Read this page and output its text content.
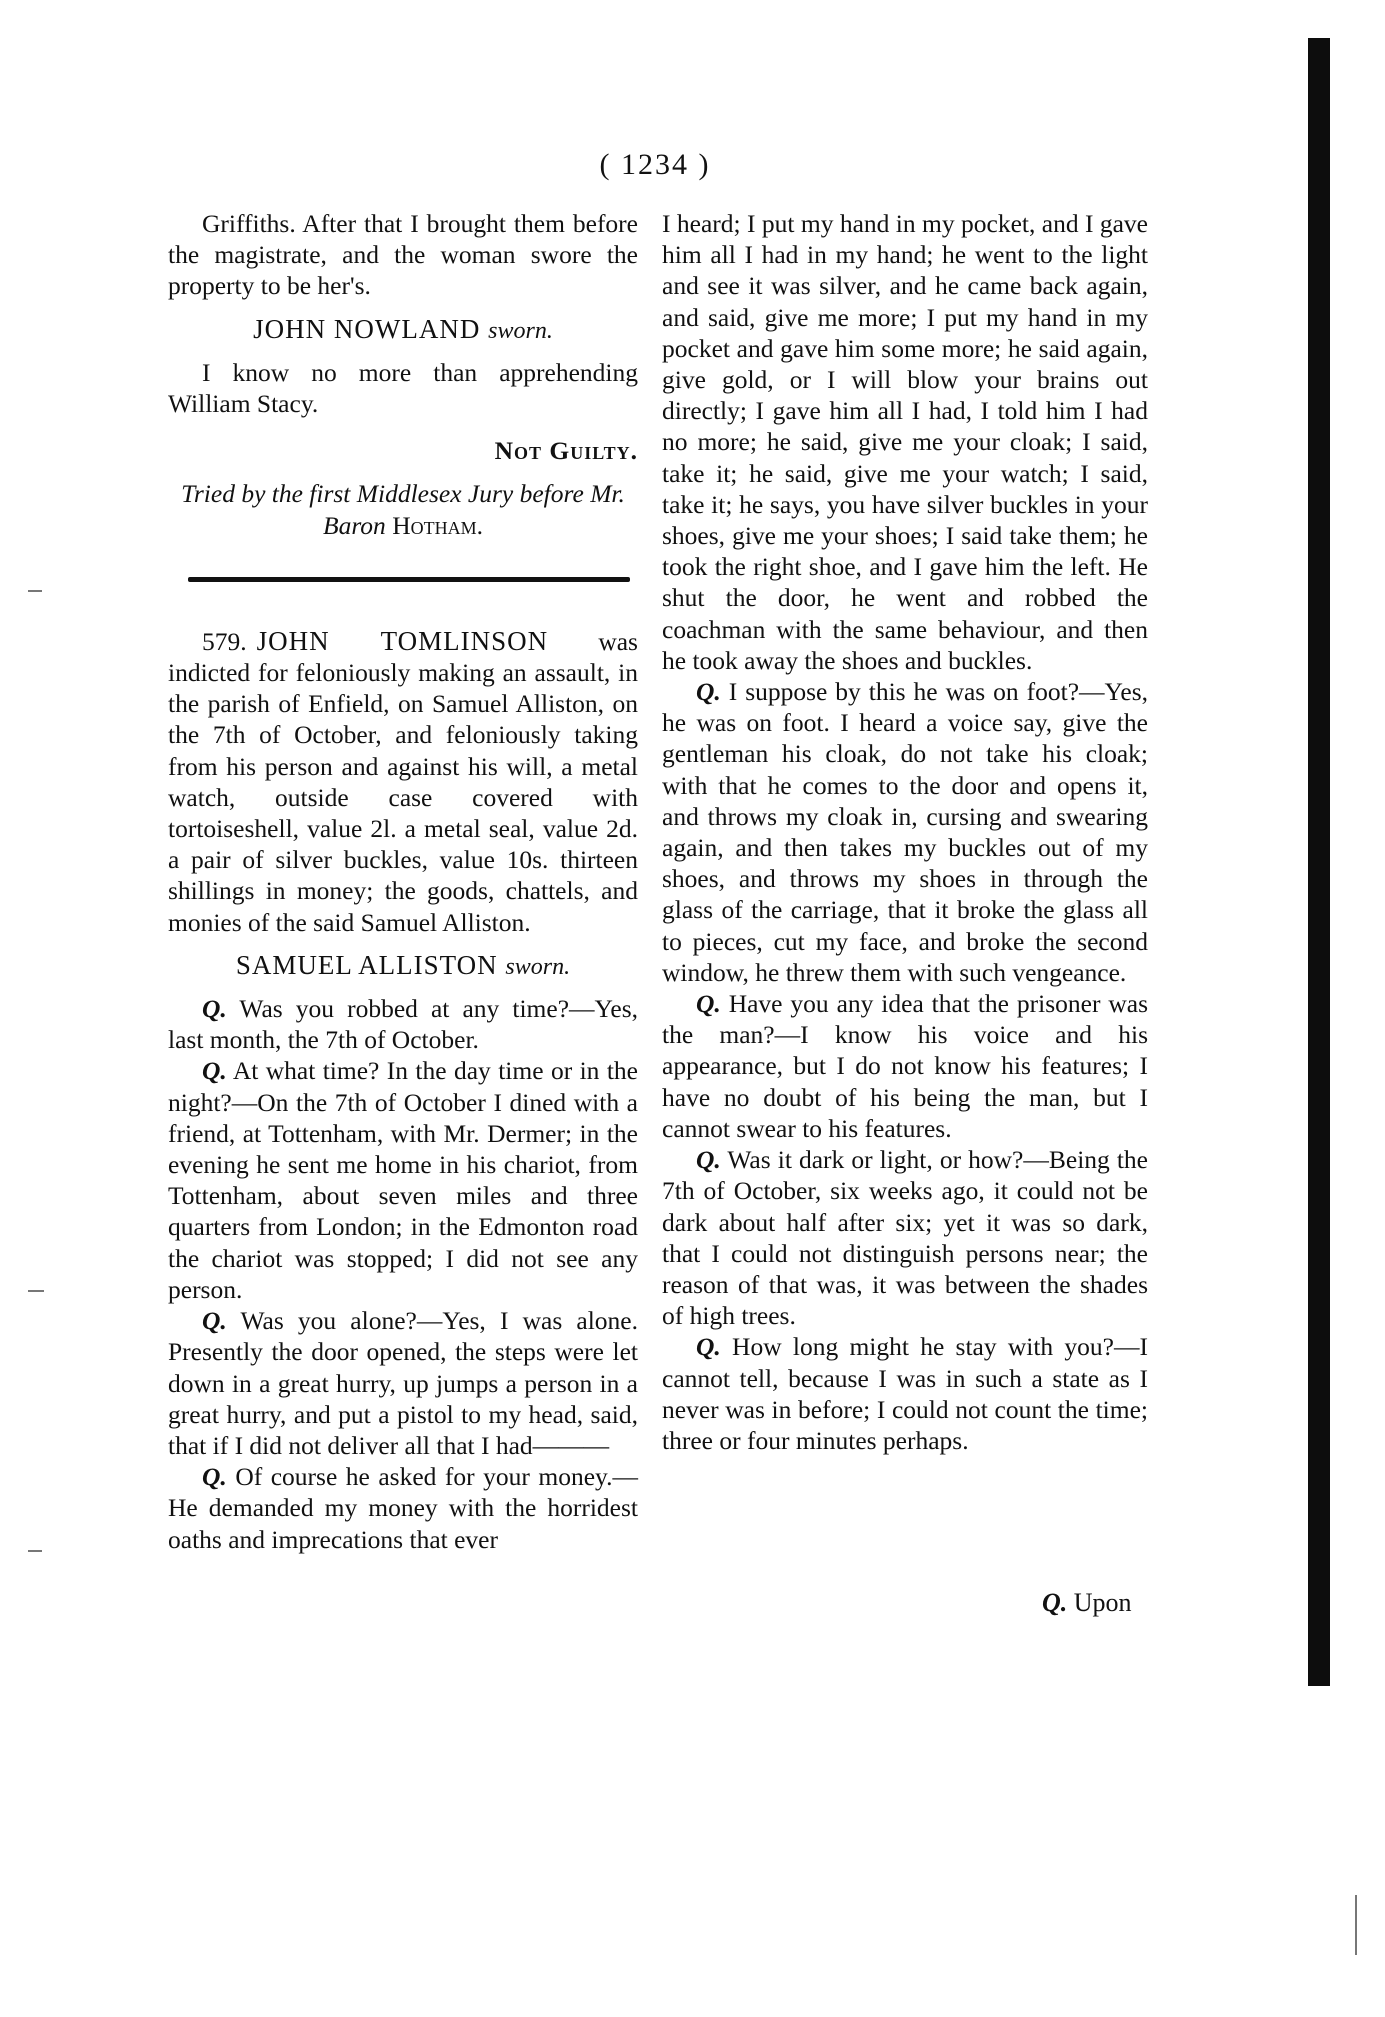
( 1234 )

Griffiths. After that I brought them before the magistrate, and the woman swore the property to be her's.

JOHN NOWLAND sworn.

I know no more than apprehending William Stacy.

Not Guilty.

Tried by the first Middlesex Jury before Mr. Baron Hotham.

579. JOHN TOMLINSON was indicted for feloniously making an assault, in the parish of Enfield, on Samuel Alliston, on the 7th of October, and feloniously taking from his person and against his will, a metal watch, outside case covered with tortoiseshell, value 2l. a metal seal, value 2d. a pair of silver buckles, value 10s. thirteen shillings in money; the goods, chattels, and monies of the said Samuel Alliston.

SAMUEL ALLISTON sworn.

Q. Was you robbed at any time?—Yes, last month, the 7th of October.

Q. At what time? In the day time or in the night?—On the 7th of October I dined with a friend, at Tottenham, with Mr. Dermer; in the evening he sent me home in his chariot, from Tottenham, about seven miles and three quarters from London; in the Edmonton road the chariot was stopped; I did not see any person.

Q. Was you alone?—Yes, I was alone. Presently the door opened, the steps were let down in a great hurry, up jumps a person in a great hurry, and put a pistol to my head, said, that if I did not deliver all that I had———

Q. Of course he asked for your money.—He demanded my money with the horridest oaths and imprecations that ever

I heard; I put my hand in my pocket, and I gave him all I had in my hand; he went to the light and see it was silver, and he came back again, and said, give me more; I put my hand in my pocket and gave him some more; he said again, give gold, or I will blow your brains out directly; I gave him all I had, I told him I had no more; he said, give me your cloak; I said, take it; he said, give me your watch; I said, take it; he says, you have silver buckles in your shoes, give me your shoes; I said take them; he took the right shoe, and I gave him the left. He shut the door, he went and robbed the coachman with the same behaviour, and then he took away the shoes and buckles.

Q. I suppose by this he was on foot?—Yes, he was on foot. I heard a voice say, give the gentleman his cloak, do not take his cloak; with that he comes to the door and opens it, and throws my cloak in, cursing and swearing again, and then takes my buckles out of my shoes, and throws my shoes in through the glass of the carriage, that it broke the glass all to pieces, cut my face, and broke the second window, he threw them with such vengeance.

Q. Have you any idea that the prisoner was the man?—I know his voice and his appearance, but I do not know his features; I have no doubt of his being the man, but I cannot swear to his features.

Q. Was it dark or light, or how?—Being the 7th of October, six weeks ago, it could not be dark about half after six; yet it was so dark, that I could not distinguish persons near; the reason of that was, it was between the shades of high trees.

Q. How long might he stay with you?—I cannot tell, because I was in such a state as I never was in before; I could not count the time; three or four minutes perhaps.

Q. Upon
